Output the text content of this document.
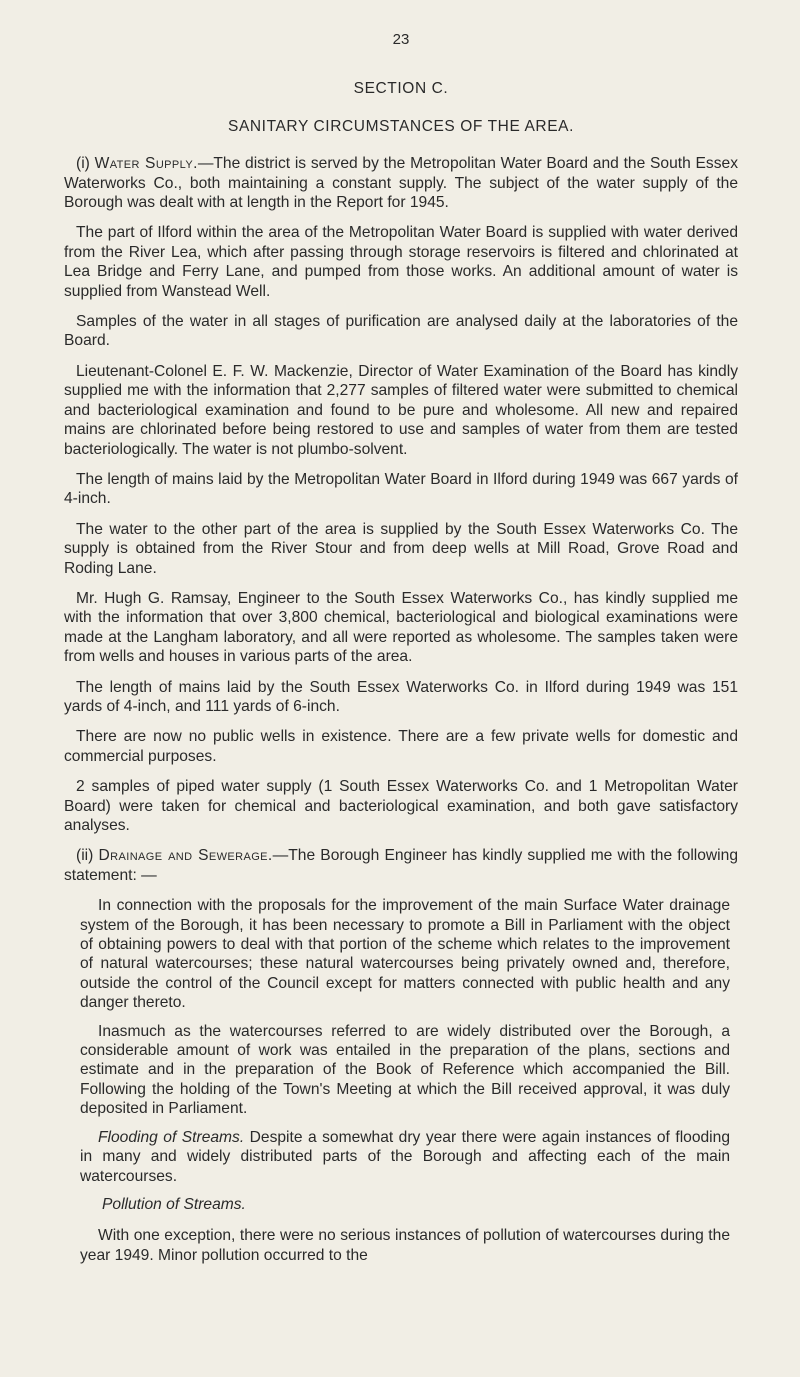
23
SECTION C.
SANITARY CIRCUMSTANCES OF THE AREA.

(i) Water Supply.—The district is served by the Metropolitan Water Board and the South Essex Waterworks Co., both maintaining a constant supply. The subject of the water supply of the Borough was dealt with at length in the Report for 1945.

The part of Ilford within the area of the Metropolitan Water Board is supplied with water derived from the River Lea, which after passing through storage reservoirs is filtered and chlorinated at Lea Bridge and Ferry Lane, and pumped from those works. An additional amount of water is supplied from Wanstead Well.

Samples of the water in all stages of purification are analysed daily at the laboratories of the Board.

Lieutenant-Colonel E. F. W. Mackenzie, Director of Water Examination of the Board has kindly supplied me with the information that 2,277 samples of filtered water were submitted to chemical and bacteriological examination and found to be pure and wholesome. All new and repaired mains are chlorinated before being restored to use and samples of water from them are tested bacteriologically. The water is not plumbo-solvent.

The length of mains laid by the Metropolitan Water Board in Ilford during 1949 was 667 yards of 4-inch.

The water to the other part of the area is supplied by the South Essex Waterworks Co. The supply is obtained from the River Stour and from deep wells at Mill Road, Grove Road and Roding Lane.

Mr. Hugh G. Ramsay, Engineer to the South Essex Waterworks Co., has kindly supplied me with the information that over 3,800 chemical, bacteriological and biological examinations were made at the Langham laboratory, and all were reported as wholesome. The samples taken were from wells and houses in various parts of the area.

The length of mains laid by the South Essex Waterworks Co. in Ilford during 1949 was 151 yards of 4-inch, and 111 yards of 6-inch.

There are now no public wells in existence. There are a few private wells for domestic and commercial purposes.

2 samples of piped water supply (1 South Essex Waterworks Co. and 1 Metropolitan Water Board) were taken for chemical and bacteriological examination, and both gave satisfactory analyses.

(ii) Drainage and Sewerage.—The Borough Engineer has kindly supplied me with the following statement: —

In connection with the proposals for the improvement of the main Surface Water drainage system of the Borough, it has been necessary to promote a Bill in Parliament with the object of obtaining powers to deal with that portion of the scheme which relates to the improvement of natural watercourses; these natural watercourses being privately owned and, therefore, outside the control of the Council except for matters connected with public health and any danger thereto.

Inasmuch as the watercourses referred to are widely distributed over the Borough, a considerable amount of work was entailed in the preparation of the plans, sections and estimate and in the preparation of the Book of Reference which accompanied the Bill. Following the holding of the Town's Meeting at which the Bill received approval, it was duly deposited in Parliament.

Flooding of Streams. Despite a somewhat dry year there were again instances of flooding in many and widely distributed parts of the Borough and affecting each of the main watercourses.

Pollution of Streams.

With one exception, there were no serious instances of pollution of watercourses during the year 1949. Minor pollution occurred to the
